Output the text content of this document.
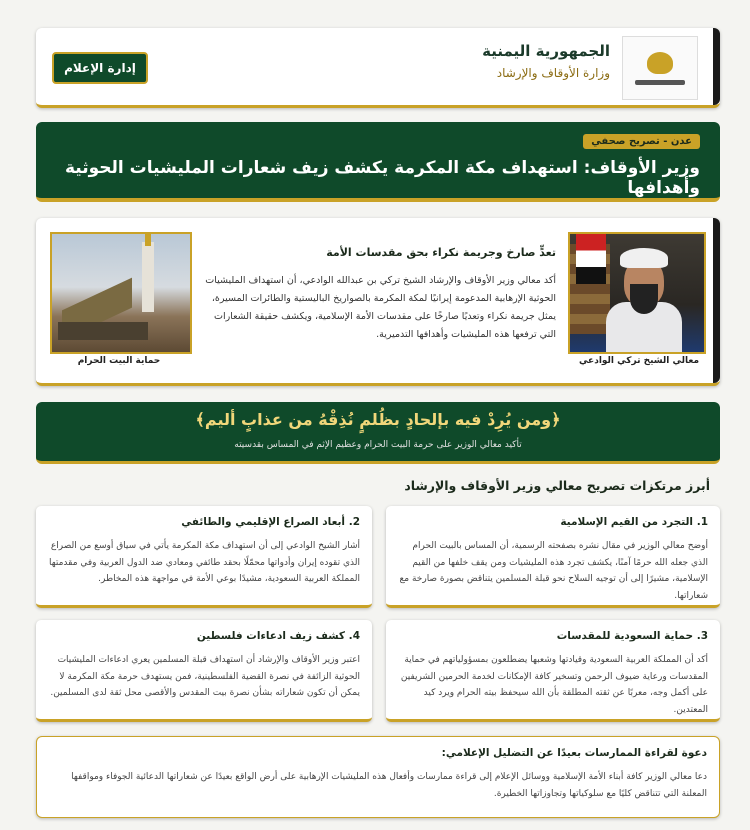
الجمهورية اليمنية
وزارة الأوقاف والإرشاد
إدارة الإعلام
عدن - تصريح صحفي
وزير الأوقاف: استهداف مكة المكرمة يكشف زيف شعارات المليشيات الحوثية وأهدافها
معالي الشيخ تركي الوادعي
حماية البيت الحرام
تعدٍّ صارخ وجريمة نكراء بحق مقدسات الأمة
أكد معالي وزير الأوقاف والإرشاد الشيخ تركي بن عبدالله الوادعي، أن استهداف المليشيات الحوثية الإرهابية المدعومة إيرانيًا لمكة المكرمة بالصواريخ الباليستية والطائرات المسيرة، يمثل جريمة نكراء وتعديًا صارخًا على مقدسات الأمة الإسلامية، ويكشف حقيقة الشعارات التي ترفعها هذه المليشيات وأهدافها التدميرية.
﴿ومن يُرِدْ فيه بإلحادٍ بظُلمٍ نُذِقْهُ من عذابٍ أليم﴾
تأكيد معالي الوزير على حرمة البيت الحرام وعظيم الإثم في المساس بقدسيته
أبرز مرتكزات تصريح معالي وزير الأوقاف والإرشاد
1. التجرد من القيم الإسلامية
أوضح معالي الوزير في مقال نشره بصفحته الرسمية، أن المساس بالبيت الحرام الذي جعله الله حرمًا آمنًا، يكشف تجرد هذه المليشيات ومن يقف خلفها من القيم الإسلامية، مشيرًا إلى أن توجيه السلاح نحو قبلة المسلمين يتناقض بصورة صارخة مع شعاراتها.
2. أبعاد الصراع الإقليمي والطائفي
أشار الشيخ الوادعي إلى أن استهداف مكة المكرمة يأتي في سياق أوسع من الصراع الذي تقوده إيران وأدواتها محمّلًا بحقد طائفي ومعادي ضد الدول العربية وفي مقدمتها المملكة العربية السعودية، مشيدًا بوعي الأمة في مواجهة هذه المخاطر.
3. حماية السعودية للمقدسات
أكد أن المملكة العربية السعودية وقيادتها وشعبها يضطلعون بمسؤولياتهم في حماية المقدسات ورعاية ضيوف الرحمن وتسخير كافة الإمكانات لخدمة الحرمين الشريفين على أكمل وجه، معربًا عن ثقته المطلقة بأن الله سيحفظ بيته الحرام ويرد كيد المعتدين.
4. كشف زيف ادعاءات فلسطين
اعتبر وزير الأوقاف والإرشاد أن استهداف قبلة المسلمين يعري ادعاءات المليشيات الحوثية الزائفة في نصرة القضية الفلسطينية، فمن يستهدف حرمة مكة المكرمة لا يمكن أن تكون شعاراته بشأن نصرة بيت المقدس والأقصى محل ثقة لدى المسلمين.
دعوة لقراءة الممارسات بعيدًا عن التضليل الإعلامي:
دعا معالي الوزير كافة أبناء الأمة الإسلامية ووسائل الإعلام إلى قراءة ممارسات وأفعال هذه المليشيات الإرهابية على أرض الواقع بعيدًا عن شعاراتها الدعائية الجوفاء ومواقفها المعلنة التي تتناقض كليًا مع سلوكياتها وتجاوزاتها الخطيرة.
